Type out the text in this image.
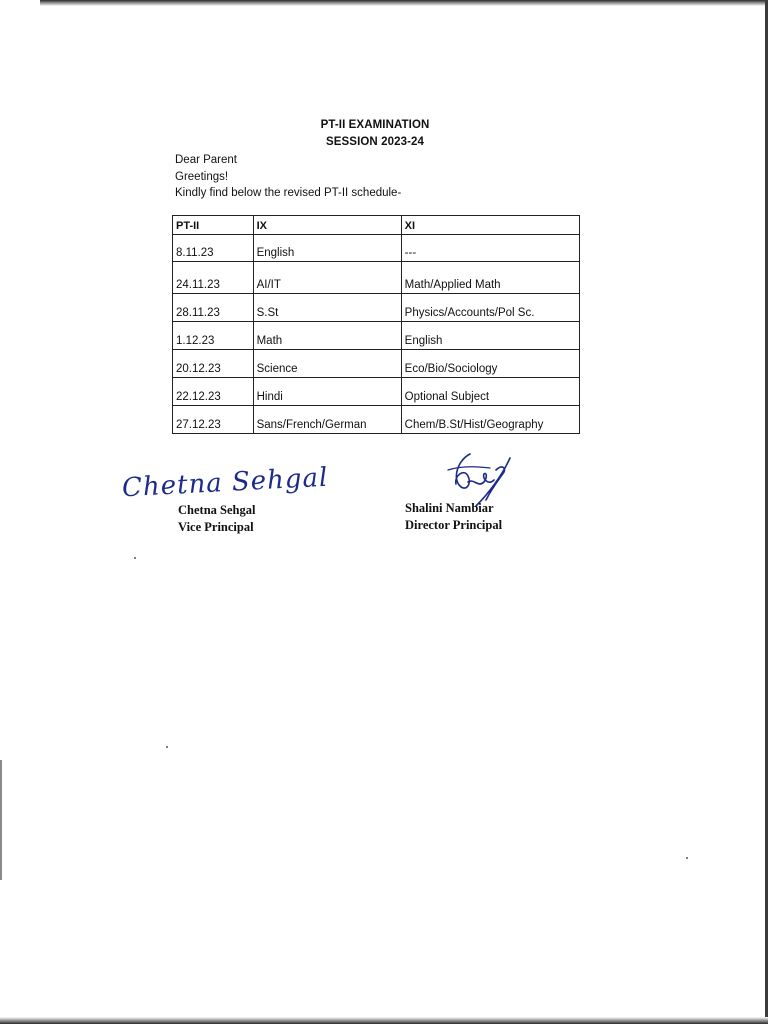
PT-II EXAMINATION
SESSION 2023-24
Dear Parent
Greetings!
Kindly find below the revised PT-II schedule-
PT-II	IX	XI
8.11.23	English	---
24.11.23	AI/IT	Math/Applied Math
28.11.23	S.St	Physics/Accounts/Pol Sc.
1.12.23	Math	English
20.12.23	Science	Eco/Bio/Sociology
22.12.23	Hindi	Optional Subject
27.12.23	Sans/French/German	Chem/B.St/Hist/Geography
Chetna Sehgal
Chetna Sehgal
Vice Principal
Shalini Nambiar
Director Principal
